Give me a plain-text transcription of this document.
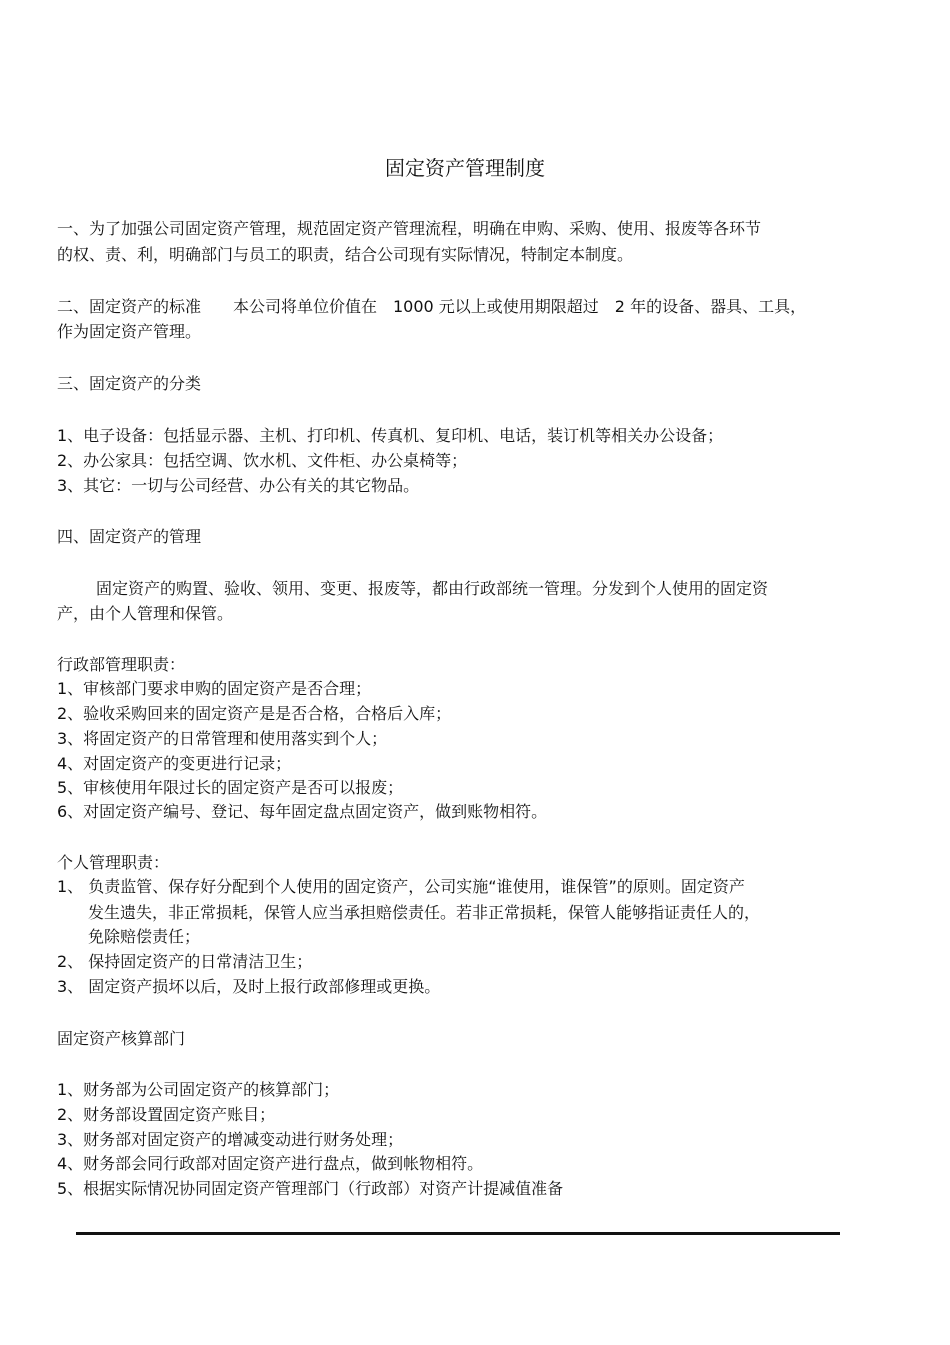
固定资产管理制度
一、为了加强公司固定资产管理，规范固定资产管理流程，明确在申购、采购、使用、报废等各环节
的权、责、利，明确部门与员工的职责，结合公司现有实际情况，特制定本制度。
二、固定资产的标准　　本公司将单位价值在　1000 元以上或使用期限超过　2 年的设备、器具、工具，
作为固定资产管理。
三、固定资产的分类
1、电子设备：包括显示器、主机、打印机、传真机、复印机、电话，装订机等相关办公设备；
2、办公家具：包括空调、饮水机、文件柜、办公桌椅等；
3、其它：一切与公司经营、办公有关的其它物品。
四、固定资产的管理
固定资产的购置、验收、领用、变更、报废等，都由行政部统一管理。分发到个人使用的固定资
产，由个人管理和保管。
行政部管理职责：
1、审核部门要求申购的固定资产是否合理；
2、验收采购回来的固定资产是是否合格，合格后入库；
3、将固定资产的日常管理和使用落实到个人；
4、对固定资产的变更进行记录；
5、审核使用年限过长的固定资产是否可以报废；
6、对固定资产编号、登记、每年固定盘点固定资产，做到账物相符。
个人管理职责：
1、 负责监管、保存好分配到个人使用的固定资产，公司实施“谁使用，谁保管”的原则。固定资产
发生遗失，非正常损耗，保管人应当承担赔偿责任。若非正常损耗，保管人能够指证责任人的，
免除赔偿责任；
2、 保持固定资产的日常清洁卫生；
3、 固定资产损坏以后，及时上报行政部修理或更换。
固定资产核算部门
1、财务部为公司固定资产的核算部门；
2、财务部设置固定资产账目；
3、财务部对固定资产的增减变动进行财务处理；
4、财务部会同行政部对固定资产进行盘点，做到帐物相符。
5、根据实际情况协同固定资产管理部门（行政部）对资产计提减值准备
